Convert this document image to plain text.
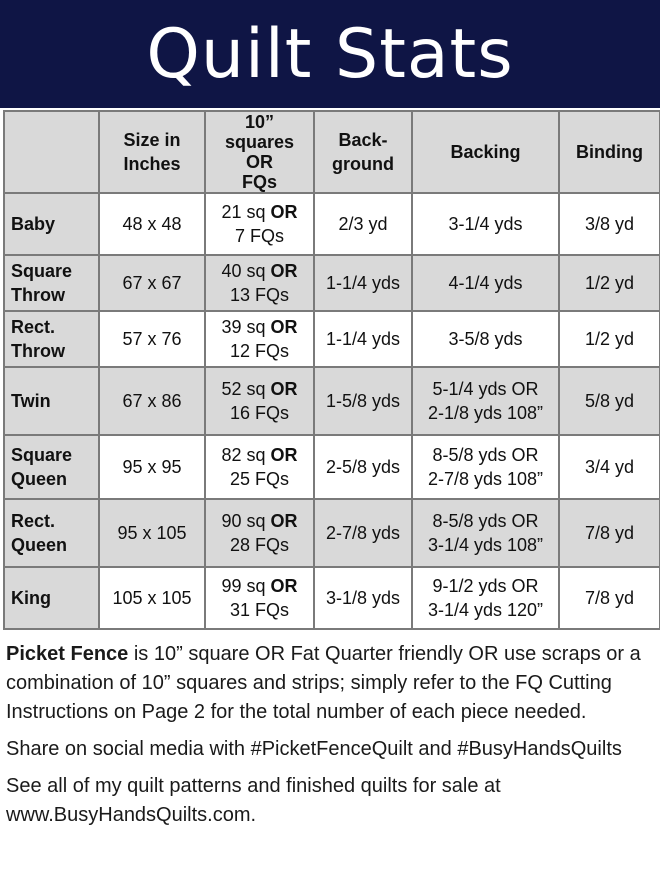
Quilt Stats

	Size in
Inches	10”
squares
OR
FQs	Back-
ground	Backing	Binding

Baby	48 x 48	21 sq OR
7 FQs	2/3 yd	3-1/4 yds	3/8 yd

Square
Throw	67 x 67	40 sq OR
13 FQs	1-1/4 yds	4-1/4 yds	1/2 yd

Rect.
Throw	57 x 76	39 sq OR
12 FQs	1-1/4 yds	3-5/8 yds	1/2 yd

Twin	67 x 86	52 sq OR
16 FQs	1-5/8 yds	5-1/4 yds OR
2-1/8 yds 108”	5/8 yd

Square
Queen	95 x 95	82 sq OR
25 FQs	2-5/8 yds	8-5/8 yds OR
2-7/8 yds 108”	3/4 yd

Rect.
Queen	95 x 105	90 sq OR
28 FQs	2-7/8 yds	8-5/8 yds OR
3-1/4 yds 108”	7/8 yd

King	105 x 105	99 sq OR
31 FQs	3-1/8 yds	9-1/2 yds OR
3-1/4 yds 120”	7/8 yd

Picket Fence is 10” square OR Fat Quarter friendly OR use scraps or a combination of 10” squares and strips; simply refer to the FQ Cutting Instructions on Page 2 for the total number of each piece needed.

Share on social media with #PicketFenceQuilt and #BusyHandsQuilts

See all of my quilt patterns and finished quilts for sale at www.BusyHandsQuilts.com.
